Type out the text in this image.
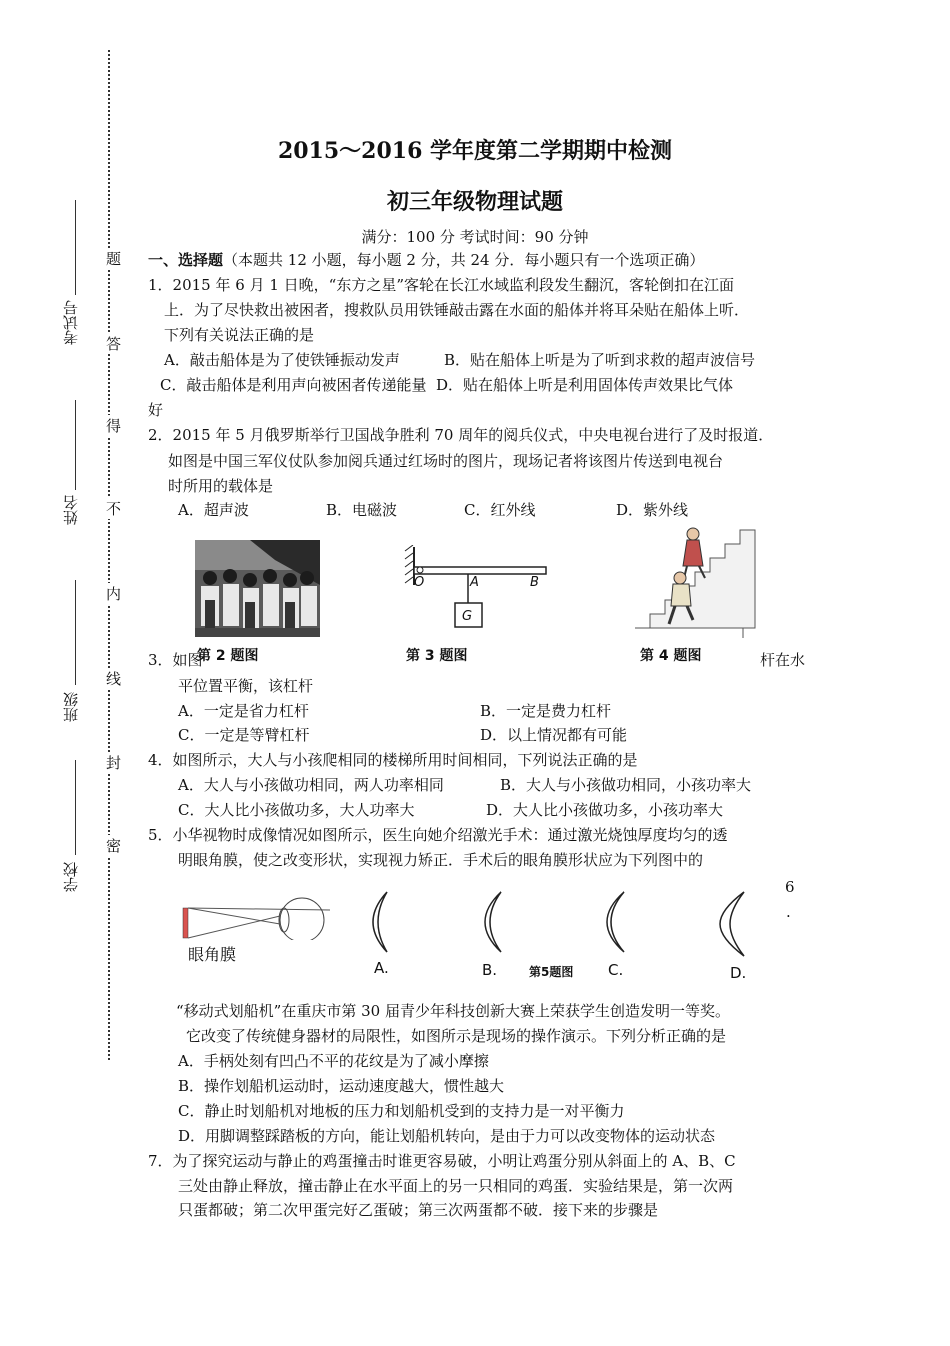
考试号
姓名
班级
学校
题
答
得
不
内
线
封
密
2015～2016 学年度第二学期期中检测
初三年级物理试题
满分：100 分 考试时间：90 分钟
一、选择题（本题共 12 小题，每小题 2 分，共 24 分．每小题只有一个选项正确）
1．2015 年 6 月 1 日晚，“东方之星”客轮在长江水域监利段发生翻沉，客轮倒扣在江面
上．为了尽快救出被困者，搜救队员用铁锤敲击露在水面的船体并将耳朵贴在船体上听．
下列有关说法正确的是
A．敲击船体是为了使铁锤振动发声	B．贴在船体上听是为了听到求救的超声波信号
C．敲击船体是利用声向被困者传递能量 D．贴在船体上听是利用固体传声效果比气体
好
2．2015 年 5 月俄罗斯举行卫国战争胜利 70 周年的阅兵仪式，中央电视台进行了及时报道．
如图是中国三军仪仗队参加阅兵通过红场时的图片，现场记者将该图片传送到电视台
时所用的载体是
A．超声波	B．电磁波	C．红外线	D．紫外线
O	A	B
G
第 2 题图	第 3 题图	第 4 题图
3．如图	杆在水
平位置平衡，该杠杆
A．一定是省力杠杆	B．一定是费力杠杆
C．一定是等臂杠杆	D．以上情况都有可能
4．如图所示，大人与小孩爬相同的楼梯所用时间相同，下列说法正确的是
A．大人与小孩做功相同，两人功率相同	B．大人与小孩做功相同，小孩功率大
C．大人比小孩做功多，大人功率大	D．大人比小孩做功多，小孩功率大
5．小华视物时成像情况如图所示，医生向她介绍激光手术：通过激光烧蚀厚度均匀的透
明眼角膜，使之改变形状，实现视力矫正．手术后的眼角膜形状应为下列图中的
6
.
眼角膜
A.	B.	第5题图 C.	D.
“移动式划船机”在重庆市第 30 届青少年科技创新大赛上荣获学生创造发明一等奖。
它改变了传统健身器材的局限性，如图所示是现场的操作演示。下列分析正确的是
A．手柄处刻有凹凸不平的花纹是为了减小摩擦
B．操作划船机运动时，运动速度越大，惯性越大
C．静止时划船机对地板的压力和划船机受到的支持力是一对平衡力
D．用脚调整踩踏板的方向，能让划船机转向，是由于力可以改变物体的运动状态
7．为了探究运动与静止的鸡蛋撞击时谁更容易破，小明让鸡蛋分别从斜面上的 A、B、C
三处由静止释放，撞击静止在水平面上的另一只相同的鸡蛋．实验结果是，第一次两
只蛋都破；第二次甲蛋完好乙蛋破；第三次两蛋都不破．接下来的步骤是
